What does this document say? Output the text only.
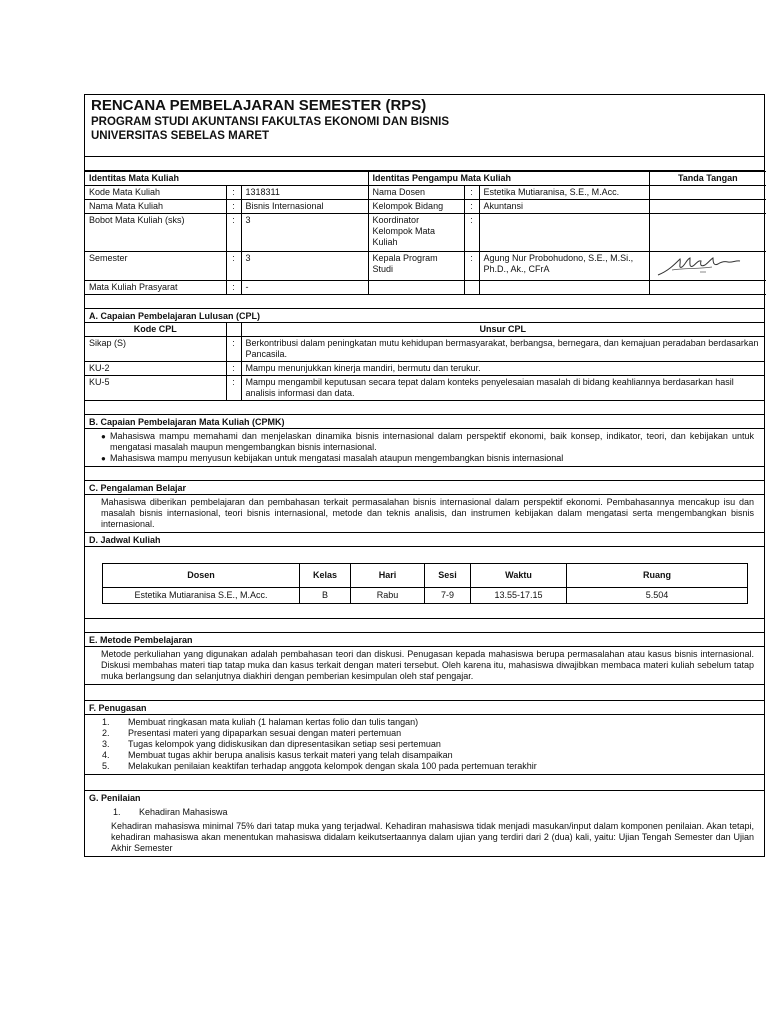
RENCANA PEMBELAJARAN SEMESTER (RPS)
PROGRAM STUDI AKUNTANSI FAKULTAS EKONOMI DAN BISNIS
UNIVERSITAS SEBELAS MARET
Identitas Mata Kuliah			Identitas Pengampu Mata Kuliah			Tanda Tangan
Kode Mata Kuliah	:	1318311	Nama Dosen	:	Estetika Mutiaranisa, S.E., M.Acc.	
Nama Mata Kuliah	:	Bisnis Internasional	Kelompok Bidang	:	Akuntansi	
Bobot Mata Kuliah (sks)	:	3	Koordinator Kelompok Mata Kuliah	:		
Semester	:	3	Kepala Program Studi	:	Agung Nur Probohudono, S.E., M.Si., Ph.D., Ak., CFrA	

Mata Kuliah Prasyarat	:	-				
A. Capaian Pembelajaran Lulusan (CPL)
Kode CPL		Unsur CPL
Sikap (S)	:	Berkontribusi dalam peningkatan mutu kehidupan bermasyarakat, berbangsa, bernegara, dan kemajuan peradaban berdasarkan Pancasila.
KU-2	:	Mampu menunjukkan kinerja mandiri, bermutu dan terukur.
KU-5	:	Mampu mengambil keputusan secara tepat dalam konteks penyelesaian masalah di bidang keahliannya berdasarkan hasil analisis informasi dan data.
B. Capaian Pembelajaran Mata Kuliah (CPMK)
● Mahasiswa mampu memahami dan menjelaskan dinamika bisnis internasional dalam perspektif ekonomi, baik konsep, indikator, teori, dan kebijakan untuk mengatasi masalah maupun mengembangkan bisnis internasional.
● Mahasiswa mampu menyusun kebijakan untuk mengatasi masalah ataupun mengembangkan bisnis internasional
C. Pengalaman Belajar
Mahasiswa diberikan pembelajaran dan pembahasan terkait permasalahan bisnis internasional dalam perspektif ekonomi. Pembahasannya mencakup isu dan masalah bisnis internasional, teori bisnis internasional, metode dan teknis analisis, dan instrumen kebijakan dalam mengatasi serta mengembangkan bisnis internasional.
D. Jadwal Kuliah
Dosen	Kelas	Hari	Sesi	Waktu	Ruang
Estetika Mutiaranisa S.E., M.Acc.	B	Rabu	7-9	13.55-17.15	5.504
E. Metode Pembelajaran
Metode perkuliahan yang digunakan adalah pembahasan teori dan diskusi. Penugasan kepada mahasiswa berupa permasalahan atau kasus bisnis internasional. Diskusi membahas materi tiap tatap muka dan kasus terkait dengan materi tersebut. Oleh karena itu, mahasiswa diwajibkan membaca materi kuliah sebelum tatap muka berlangsung dan selanjutnya diakhiri dengan pemberian kesimpulan oleh staf pengajar.
F. Penugasan
1.	Membuat ringkasan mata kuliah (1 halaman kertas folio dan tulis tangan)
2.	Presentasi materi yang dipaparkan sesuai dengan materi pertemuan
3.	Tugas kelompok yang didiskusikan dan dipresentasikan setiap sesi pertemuan
4.	Membuat tugas akhir berupa analisis kasus terkait materi yang telah disampaikan
5.	Melakukan penilaian keaktifan terhadap anggota kelompok dengan skala 100 pada pertemuan terakhir
G. Penilaian
1.	Kehadiran Mahasiswa
Kehadiran mahasiswa minimal 75% dari tatap muka yang terjadwal. Kehadiran mahasiswa tidak menjadi masukan/input dalam komponen penilaian. Akan tetapi, kehadiran mahasiswa akan menentukan mahasiswa didalam keikutsertaannya dalam ujian yang terdiri dari 2 (dua) kali, yaitu: Ujian Tengah Semester dan Ujian Akhir Semester
